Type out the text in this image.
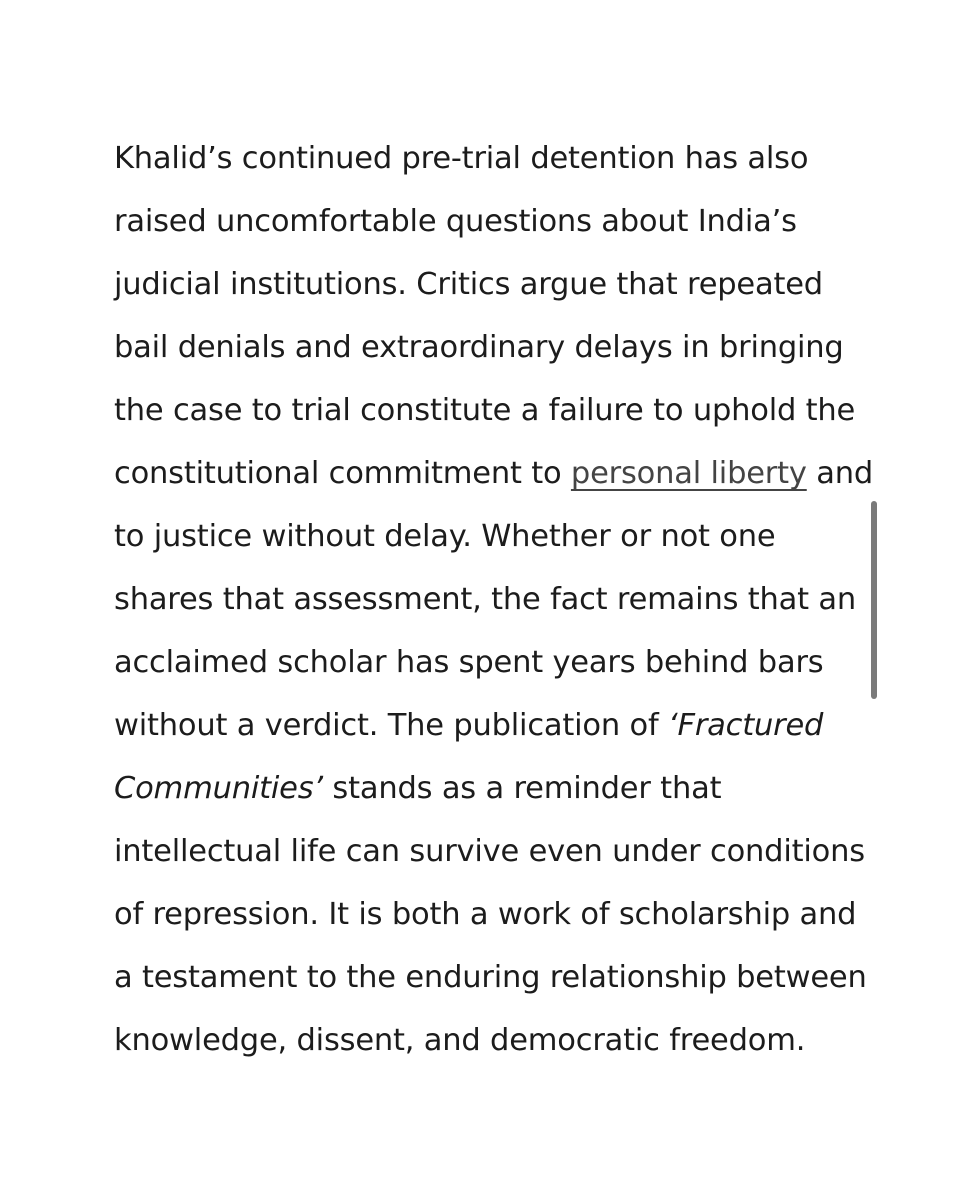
Khalid’s continued pre-trial detention has also
raised uncomfortable questions about India’s
judicial institutions. Critics argue that repeated
bail denials and extraordinary delays in bringing
the case to trial constitute a failure to uphold the
constitutional commitment to personal liberty and
to justice without delay. Whether or not one
shares that assessment, the fact remains that an
acclaimed scholar has spent years behind bars
without a verdict. The publication of ‘Fractured
Communities’ stands as a reminder that
intellectual life can survive even under conditions
of repression. It is both a work of scholarship and
a testament to the enduring relationship between
knowledge, dissent, and democratic freedom.
